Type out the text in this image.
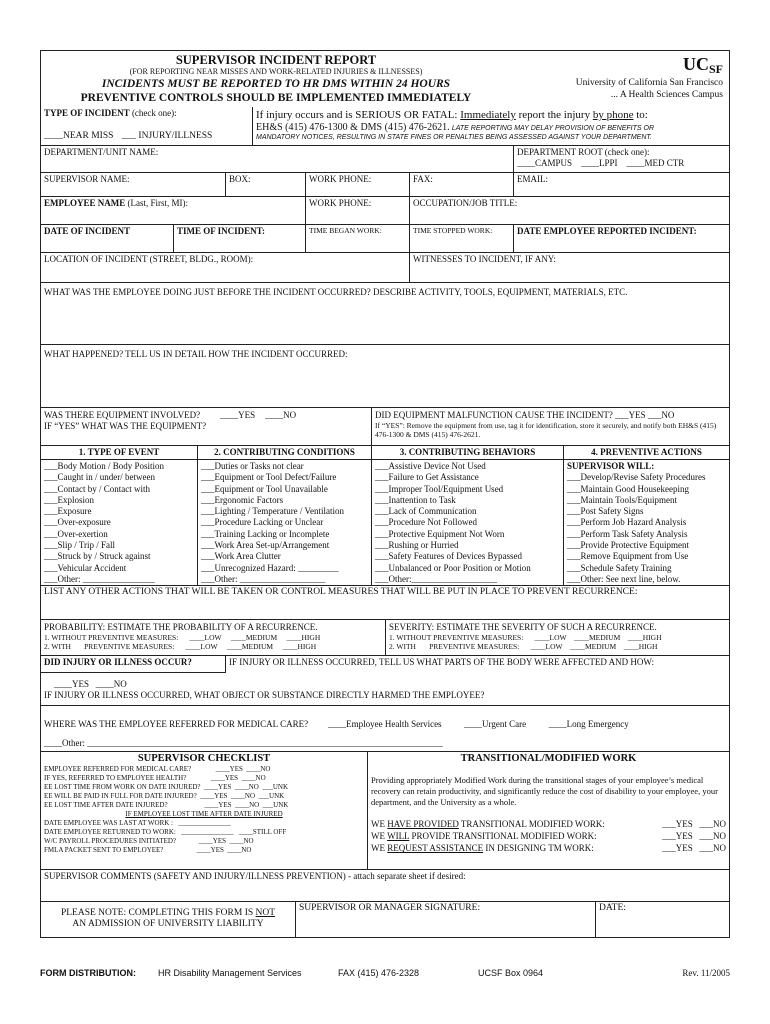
SUPERVISOR INCIDENT REPORT
(FOR REPORTING NEAR MISSES AND WORK-RELATED INJURIES & ILLNESSES)
INCIDENTS MUST BE REPORTED TO HR DMS WITHIN 24 HOURS
PREVENTIVE CONTROLS SHOULD BE IMPLEMENTED IMMEDIATELY
UCSF
University of California San Francisco
... A Health Sciences Campus
TYPE OF INCIDENT (check one):
____NEAR MISS ___ INJURY/ILLNESS
If injury occurs and is SERIOUS OR FATAL: Immediately report the injury by phone to:
EH&S (415) 476-1300 & DMS (415) 476-2621. LATE REPORTING MAY DELAY PROVISION OF BENEFITS OR
MANDATORY NOTICES, RESULTING IN STATE FINES OR PENALTIES BEING ASSESSED AGAINST YOUR DEPARTMENT.
DEPARTMENT/UNIT NAME:	DEPARTMENT ROOT (check one):
____CAMPUS    ____LPPI    ____MED CTR
SUPERVISOR NAME:	BOX:	WORK PHONE:	FAX:	EMAIL:
EMPLOYEE NAME (Last, First, MI):	WORK PHONE:	OCCUPATION/JOB TITLE:
DATE OF INCIDENT	TIME OF INCIDENT:	TIME BEGAN WORK:	TIME STOPPED WORK:	DATE EMPLOYEE REPORTED INCIDENT:
LOCATION OF INCIDENT (STREET, BLDG., ROOM):	WITNESSES TO INCIDENT, IF ANY:
WHAT WAS THE EMPLOYEE DOING JUST BEFORE THE INCIDENT OCCURRED? DESCRIBE ACTIVITY, TOOLS, EQUIPMENT, MATERIALS, ETC.
WHAT HAPPENED? TELL US IN DETAIL HOW THE INCIDENT OCCURRED:
WAS THERE EQUIPMENT INVOLVED? ____YES ____NO
IF “YES” WHAT WAS THE EQUIPMENT?
DID EQUIPMENT MALFUNCTION CAUSE THE INCIDENT? ___YES ___NO
If “YES”: Remove the equipment from use, tag it for identification, store it securely, and notify both EH&S (415) 476-1300 & DMS (415) 476-2621.
1. TYPE OF EVENT
___Body Motion / Body Position
___Caught in / under/ between
___Contact by / Contact with
___Explosion
___Exposure
___Over-exposure
___Over-exertion
___Slip / Trip / Fall
___Struck by / Struck against
___Vehicular Accident
___Other: ________________
2. CONTRIBUTING CONDITIONS
___Duties or Tasks not clear
___Equipment or Tool Defect/Failure
___Equipment or Tool Unavailable
___Ergonomic Factors
___Lighting / Temperature / Ventilation
___Procedure Lacking or Unclear
___Training Lacking or Incomplete
___Work Area Set-up/Arrangement
___Work Area Clutter
___Unrecognized Hazard: _________
___Other: ___________________
3. CONTRIBUTING BEHAVIORS
___Assistive Device Not Used
___Failure to Get Assistance
___Improper Tool/Equipment Used
___Inattention to Task
___Lack of Communication
___Procedure Not Followed
___Protective Equipment Not Worn
___Rushing or Hurried
___Safety Features of Devices Bypassed
___Unbalanced or Poor Position or Motion
___Other:___________________
4. PREVENTIVE ACTIONS
SUPERVISOR WILL:
___Develop/Revise Safety Procedures
___Maintain Good Housekeeping
___Maintain Tools/Equipment
___Post Safety Signs
___Perform Job Hazard Analysis
___Perform Task Safety Analysis
___Provide Protective Equipment
___Remove Equipment from Use
___Schedule Safety Training
___Other: See next line, below.
LIST ANY OTHER ACTIONS THAT WILL BE TAKEN OR CONTROL MEASURES THAT WILL BE PUT IN PLACE TO PREVENT RECURRENCE:
PROBABILITY: ESTIMATE THE PROBABILITY OF A RECURRENCE.
1. WITHOUT PREVENTIVE MEASURES:      ____LOW     ____MEDIUM     ____HIGH
2. WITH       PREVENTIVE MEASURES:      ____LOW     ____MEDIUM     ____HIGH
SEVERITY: ESTIMATE THE SEVERITY OF SUCH A RECURRENCE.
1. WITHOUT PREVENTIVE MEASURES:      ____LOW    ____MEDIUM    ____HIGH
2. WITH       PREVENTIVE MEASURES:      ____LOW    ____MEDIUM    ____HIGH
DID INJURY OR ILLNESS OCCUR?	IF INJURY OR ILLNESS OCCURRED, TELL US WHAT PARTS OF THE BODY WERE AFFECTED AND HOW:
____YES   ____NO
IF INJURY OR ILLNESS OCCURRED, WHAT OBJECT OR SUBSTANCE DIRECTLY HARMED THE EMPLOYEE?
WHERE WAS THE EMPLOYEE REFERRED FOR MEDICAL CARE? ____Employee Health Services          ____Urgent Care          ____Long Emergency
____Other: _______________________________________________________________________________
SUPERVISOR CHECKLIST
EMPLOYEE REFERRED FOR MEDICAL CARE?              ____YES  ____NO
IF YES, REFERRED TO EMPLOYEE HEALTH?              ____YES  ____NO
EE LOST TIME FROM WORK ON DATE INJURED?  ____YES  ____NO  ___UNK
EE WILL BE PAID IN FULL FOR DATE INJURED?  ____YES  ____NO  ___UNK
EE LOST TIME AFTER DATE INJURED?                     ____YES  ____NO  ___UNK
IF EMPLOYEE LOST TIME AFTER DATE INJURED
DATE EMPLOYEE WAS LAST AT WORK :   _______________
DATE EMPLOYEE RETURNED TO WORK:   _______________   ____STILL OFF
W/C PAYROLL PROCEDURES INITIATED?             ____YES  ____NO
FMLA PACKET SENT TO EMPLOYEE?                   ____YES  ____NO
TRANSITIONAL/MODIFIED WORK
Providing appropriately Modified Work during the transitional stages of your employee’s medical recovery can retain productivity, and significantly reduce the cost of disability to your employee, your department, and the University as a whole.
WE HAVE PROVIDED TRANSITIONAL MODIFIED WORK:	___YES   ___NO
WE WILL PROVIDE TRANSITIONAL MODIFIED WORK:	___YES   ___NO
WE REQUEST ASSISTANCE IN DESIGNING TM WORK:	___YES   ___NO
SUPERVISOR COMMENTS (SAFETY AND INJURY/ILLNESS PREVENTION) - attach separate sheet if desired:
PLEASE NOTE: COMPLETING THIS FORM IS NOT
AN ADMISSION OF UNIVERSITY LIABILITY
SUPERVISOR OR MANAGER SIGNATURE:	DATE:
FORM DISTRIBUTION:	HR Disability Management Services	FAX (415) 476-2328	UCSF Box 0964	Rev. 11/2005
